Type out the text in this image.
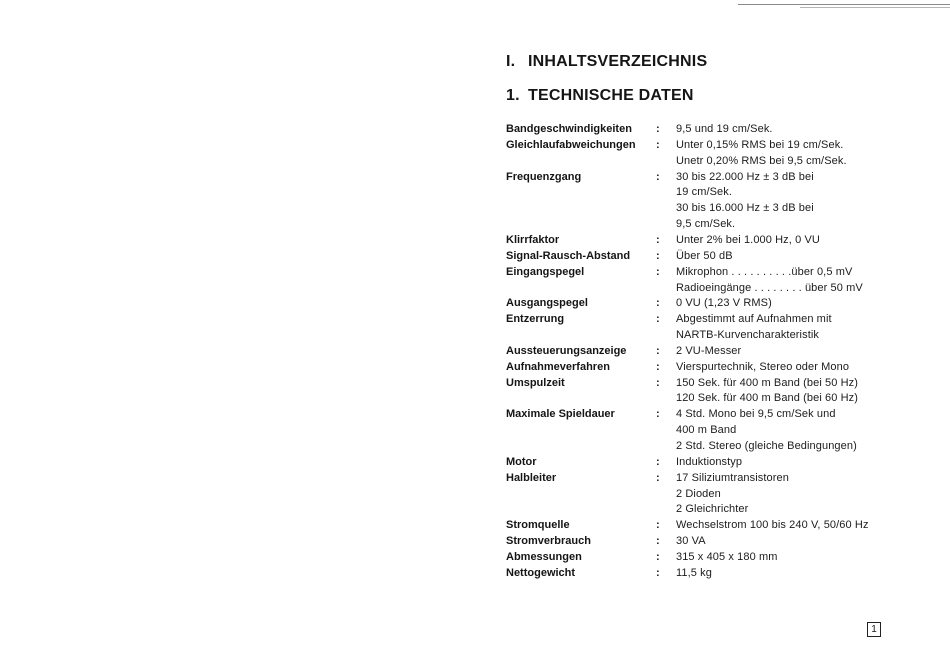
I. INHALTSVERZEICHNIS
1. TECHNISCHE DATEN
Bandgeschwindigkeiten : 9,5 und 19 cm/Sek.
Gleichlaufabweichungen : Unter 0,15% RMS bei 19 cm/Sek.
Unetr 0,20% RMS bei 9,5 cm/Sek.
Frequenzgang	: 30 bis 22.000 Hz ± 3 dB bei
19 cm/Sek.
30 bis 16.000 Hz ± 3 dB bei
9,5 cm/Sek.
Klirrfaktor	: Unter 2% bei 1.000 Hz, 0 VU
Signal-Rausch-Abstand : Über 50 dB
Eingangspegel	: Mikrophon . . . . . . . . . .über 0,5 mV
Radioeingänge . . . . . . . . über 50 mV
Ausgangspegel	: 0 VU (1,23 V RMS)
Entzerrung	: Abgestimmt auf Aufnahmen mit
NARTB-Kurvencharakteristik
Aussteuerungsanzeige	: 2 VU-Messer
Aufnahmeverfahren	: Vierspurtechnik, Stereo oder Mono
Umspulzeit	: 150 Sek. für 400 m Band (bei 50 Hz)
120 Sek. für 400 m Band (bei 60 Hz)
Maximale Spieldauer	: 4 Std. Mono bei 9,5 cm/Sek und
400 m Band
2 Std. Stereo (gleiche Bedingungen)
Motor	: Induktionstyp
Halbleiter	: 17 Siliziumtransistoren
2 Dioden
2 Gleichrichter
Stromquelle	: Wechselstrom 100 bis 240 V, 50/60 Hz
Stromverbrauch	: 30 VA
Abmessungen	: 315 x 405 x 180 mm
Nettogewicht	: 11,5 kg
1
